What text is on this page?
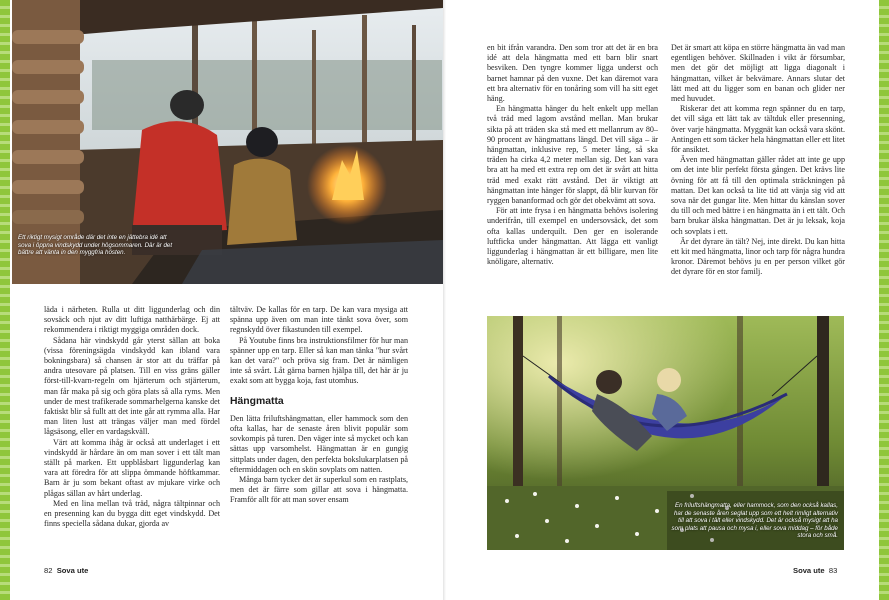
Ett riktigt mysigt område där det inte en jättebra idé att sova i öppna vindskydd under högsommaren. Där är det bättre att vänta in den myggfria hösten.

läda i närheten. Rulla ut ditt liggunderlag och din sovsäck och njut av ditt luftiga natthärbärge. Ej att rekommendera i riktigt myggiga områden dock.

Sådana här vindskydd går yterst sällan att boka (vissa föreningsägda vindskydd kan ibland vara bokningsbara) så chansen är stor att du träffar på andra utesovare på platsen. Till en viss gräns gäller först-till-kvarn-regeln om hjärterum och stjärterum, man får maka på sig och göra plats så alla ryms. Men under de mest trafikerade sommarhelgerna kanske det faktiskt blir så fullt att det inte går att rymma alla. Har man liten lust att trängas väljer man med fördel lågsäsong, eller en vardagskväll.

Värt att komma ihåg är också att underlaget i ett vindskydd är hårdare än om man sover i ett tält man ställt på marken. Ett uppblåsbart liggunderlag kan vara att föredra för att slippa ömmande höftkammar. Barn är ju som bekant oftast av mjukare virke och plågas sällan av hårt underlag.

Med en lina mellan två träd, några tältpinnar och en presenning kan du bygga ditt eget vindskydd. Det finns speciella sådana dukar, gjorda av

tältväv. De kallas för en tarp. De kan vara mysiga att spänna upp även om man inte tänkt sova över, som regnskydd över fikastunden till exempel.

På Youtube finns bra instruktionsfilmer för hur man spänner upp en tarp. Eller så kan man tänka "hur svårt kan det vara?" och pröva sig fram. Det är nämligen inte så svårt. Låt gärna barnen hjälpa till, det här är ju exakt som att bygga koja, fast utomhus.

Hängmatta

Den lätta friluftshängmattan, eller hammock som den ofta kallas, har de senaste åren blivit populär som sovkompis på turen. Den väger inte så mycket och kan sättas upp varsomhelst. Hängmattan är en gungig sittplats under dagen, den perfekta bokslukarplatsen på eftermiddagen och en skön sovplats om natten.

Många barn tycker det är superkul som en rastplats, men det är färre som gillar att sova i hängmatta. Framför allt för att man sover ensam

82 Sova ute

en bit ifrån varandra. Den som tror att det är en bra idé att dela hängmatta med ett barn blir snart besviken. Den tyngre kommer ligga underst och barnet hamnar på den vuxne. Det kan däremot vara ett bra alternativ för en tonåring som vill ha sitt eget häng.

En hängmatta hänger du helt enkelt upp mellan två träd med lagom avstånd mellan. Man brukar sikta på att träden ska stå med ett mellanrum av 80–90 procent av hängmattans längd. Det vill säga – är hängmattan, inklusive rep, 5 meter lång, så ska träden ha cirka 4,2 meter mellan sig. Det kan vara bra att ha med ett extra rep om det är svårt att hitta träd med exakt rätt avstånd. Det är viktigt att hängmattan inte hänger för slappt, då blir kurvan för ryggen bananformad och gör det obekvämt att sova.

För att inte frysa i en hängmatta behövs isolering underifrån, till exempel en undersovsäck, det som ofta kallas underquilt. Den ger en isolerande luftficka under hängmattan. Att lägga ett vanligt liggunderlag i hängmattan är ett billigare, men lite knöligare, alternativ.

Det är smart att köpa en större hängmatta än vad man egentligen behöver. Skillnaden i vikt är försumbar, men det gör det möjligt att ligga diagonalt i hängmattan, vilket är bekvämare. Annars slutar det lätt med att du ligger som en banan och glider ner med huvudet.

Riskerar det att komma regn spänner du en tarp, det vill säga ett lätt tak av tältduk eller presenning, över varje hängmatta. Myggnät kan också vara skönt. Antingen ett som täcker hela hängmattan eller ett litet för ansiktet.

Även med hängmattan gäller rådet att inte ge upp om det inte blir perfekt första gången. Det krävs lite övning för att få till den optimala sträckningen på mattan. Det kan också ta lite tid att vänja sig vid att sova när det gungar lite. Men hittar du känslan sover du till och med bättre i en hängmatta än i ett tält. Och barn brukar älska hängmattan. Det är ju leksak, koja och sovplats i ett.

Är det dyrare än tält? Nej, inte direkt. Du kan hitta ett kit med hängmatta, linor och tarp för några hundra kronor. Däremot behövs ju en per person vilket gör det dyrare för en stor familj.

En friluftshängmatta, eller hammock, som den också kallas, har de senaste åren seglat upp som ett helt rimligt alternativ till att sova i tält eller vindskydd. Det är också mysigt att ha som plats att pausa och mysa i, eller sova middag – för både stora och små.
Sova ute 83
